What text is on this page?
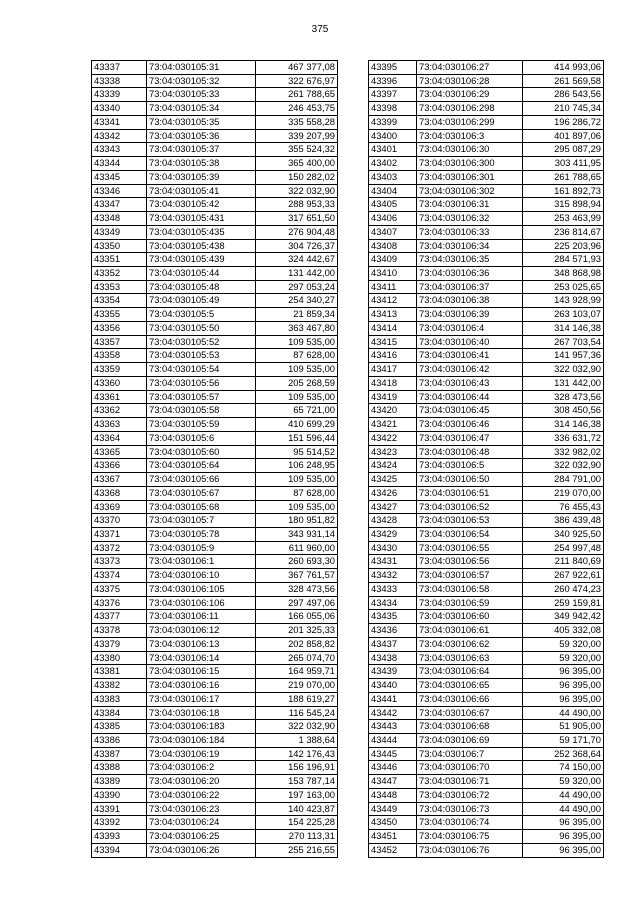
375
43337	73:04:030105:31	467 377,08
43338	73:04:030105:32	322 676,97
43339	73:04:030105:33	261 788,65
43340	73:04:030105:34	246 453,75
43341	73:04:030105:35	335 558,28
43342	73:04:030105:36	339 207,99
43343	73:04:030105:37	355 524,32
43344	73:04:030105:38	365 400,00
43345	73:04:030105:39	150 282,02
43346	73:04:030105:41	322 032,90
43347	73:04:030105:42	288 953,33
43348	73:04:030105:431	317 651,50
43349	73:04:030105:435	276 904,48
43350	73:04:030105:438	304 726,37
43351	73:04:030105:439	324 442,67
43352	73:04:030105:44	131 442,00
43353	73:04:030105:48	297 053,24
43354	73:04:030105:49	254 340,27
43355	73:04:030105:5	21 859,34
43356	73:04:030105:50	363 467,80
43357	73:04:030105:52	109 535,00
43358	73:04:030105:53	87 628,00
43359	73:04:030105:54	109 535,00
43360	73:04:030105:56	205 268,59
43361	73:04:030105:57	109 535,00
43362	73:04:030105:58	65 721,00
43363	73:04:030105:59	410 699,29
43364	73:04:030105:6	151 596,44
43365	73:04:030105:60	95 514,52
43366	73:04:030105:64	106 248,95
43367	73:04:030105:66	109 535,00
43368	73:04:030105:67	87 628,00
43369	73:04:030105:68	109 535,00
43370	73:04:030105:7	180 951,82
43371	73:04:030105:78	343 931,14
43372	73:04:030105:9	611 960,00
43373	73:04:030106:1	260 693,30
43374	73:04:030106:10	367 761,57
43375	73:04:030106:105	328 473,56
43376	73:04:030106:106	297 497,06
43377	73:04:030106:11	166 055,06
43378	73:04:030106:12	201 325,33
43379	73:04:030106:13	202 858,82
43380	73:04:030106:14	265 074,70
43381	73:04:030106:15	164 959,71
43382	73:04:030106:16	219 070,00
43383	73:04:030106:17	188 619,27
43384	73:04:030106:18	116 545,24
43385	73:04:030106:183	322 032,90
43386	73:04:030106:184	1 388,64
43387	73:04:030106:19	142 176,43
43388	73:04:030106:2	156 196,91
43389	73:04:030106:20	153 787,14
43390	73:04:030106:22	197 163,00
43391	73:04:030106:23	140 423,87
43392	73:04:030106:24	154 225,28
43393	73:04:030106:25	270 113,31
43394	73:04:030106:26	255 216,55
43395	73:04:030106:27	414 993,06
43396	73:04:030106:28	261 569,58
43397	73:04:030106:29	286 543,56
43398	73:04:030106:298	210 745,34
43399	73:04:030106:299	196 286,72
43400	73:04:030106:3	401 897,06
43401	73:04:030106:30	295 087,29
43402	73:04:030106:300	303 411,95
43403	73:04:030106:301	261 788,65
43404	73:04:030106:302	161 892,73
43405	73:04:030106:31	315 898,94
43406	73:04:030106:32	253 463,99
43407	73:04:030106:33	236 814,67
43408	73:04:030106:34	225 203,96
43409	73:04:030106:35	284 571,93
43410	73:04:030106:36	348 868,98
43411	73:04:030106:37	253 025,65
43412	73:04:030106:38	143 928,99
43413	73:04:030106:39	263 103,07
43414	73:04:030106:4	314 146,38
43415	73:04:030106:40	267 703,54
43416	73:04:030106:41	141 957,36
43417	73:04:030106:42	322 032,90
43418	73:04:030106:43	131 442,00
43419	73:04:030106:44	328 473,56
43420	73:04:030106:45	308 450,56
43421	73:04:030106:46	314 146,38
43422	73:04:030106:47	336 631,72
43423	73:04:030106:48	332 982,02
43424	73:04:030106:5	322 032,90
43425	73:04:030106:50	284 791,00
43426	73:04:030106:51	219 070,00
43427	73:04:030106:52	76 455,43
43428	73:04:030106:53	386 439,48
43429	73:04:030106:54	340 925,50
43430	73:04:030106:55	254 997,48
43431	73:04:030106:56	211 840,69
43432	73:04:030106:57	267 922,61
43433	73:04:030106:58	260 474,23
43434	73:04:030106:59	259 159,81
43435	73:04:030106:60	349 942,42
43436	73:04:030106:61	405 332,08
43437	73:04:030106:62	59 320,00
43438	73:04:030106:63	59 320,00
43439	73:04:030106:64	96 395,00
43440	73:04:030106:65	96 395,00
43441	73:04:030106:66	96 395,00
43442	73:04:030106:67	44 490,00
43443	73:04:030106:68	51 905,00
43444	73:04:030106:69	59 171,70
43445	73:04:030106:7	252 368,64
43446	73:04:030106:70	74 150,00
43447	73:04:030106:71	59 320,00
43448	73:04:030106:72	44 490,00
43449	73:04:030106:73	44 490,00
43450	73:04:030106:74	96 395,00
43451	73:04:030106:75	96 395,00
43452	73:04:030106:76	96 395,00
